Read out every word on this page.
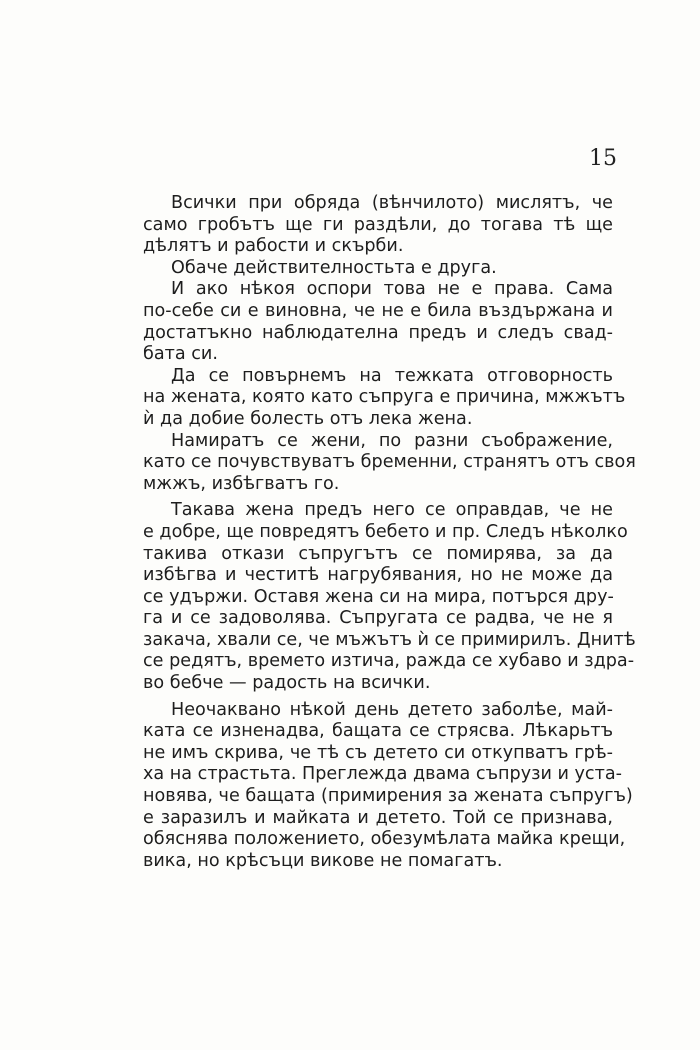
15

Всички при обряда (вѣнчилото) мислятъ, че
само гробътъ ще ги раздѣли, до тогава тѣ ще
дѣлятъ и рабости и скърби.

Обаче действителностьта е друга.

И ако нѣкоя оспори това не е права. Сама
по-себе си е виновна, че не е била въздържана и
достатъкно наблюдателна предъ и следъ свад-
бата си.

Да се повърнемъ на тежката отговорность
на жената, която като съпруга е причина, мжжътъ
ѝ да добие болесть отъ лека жена.

Намиратъ се жени, по разни съображение,
като се почувствуватъ бременни, странятъ отъ своя
мжжъ, избѣгватъ го.

Такава жена предъ него се оправдав, че не
е добре, ще повредятъ бебето и пр. Следъ нѣколко
такива откази съпругътъ се помирява, за да
избѣгва и честитѣ нагрубявания, но не може да
се удържи. Оставя жена си на мира, потърся дру-
га и се задоволява. Съпругата се радва, че не я
закача, хвали се, че мъжътъ ѝ се примирилъ. Днитѣ
се редятъ, времето изтича, ражда се хубаво и здра-
во бебче — радость на всички.

Неочаквано нѣкой день детето заболѣе, май-
ката се изненадва, бащата се стрясва. Лѣкарьтъ
не имъ скрива, че тѣ съ детето си откупватъ грѣ-
ха на страстьта. Преглежда двама съпрузи и уста-
новява, че бащата (примирения за жената съпругъ)
е заразилъ и майката и детето. Той се признава,
обяснява положението, обезумѣлата майка крещи,
вика, но крѣсъци викове не помагатъ.
